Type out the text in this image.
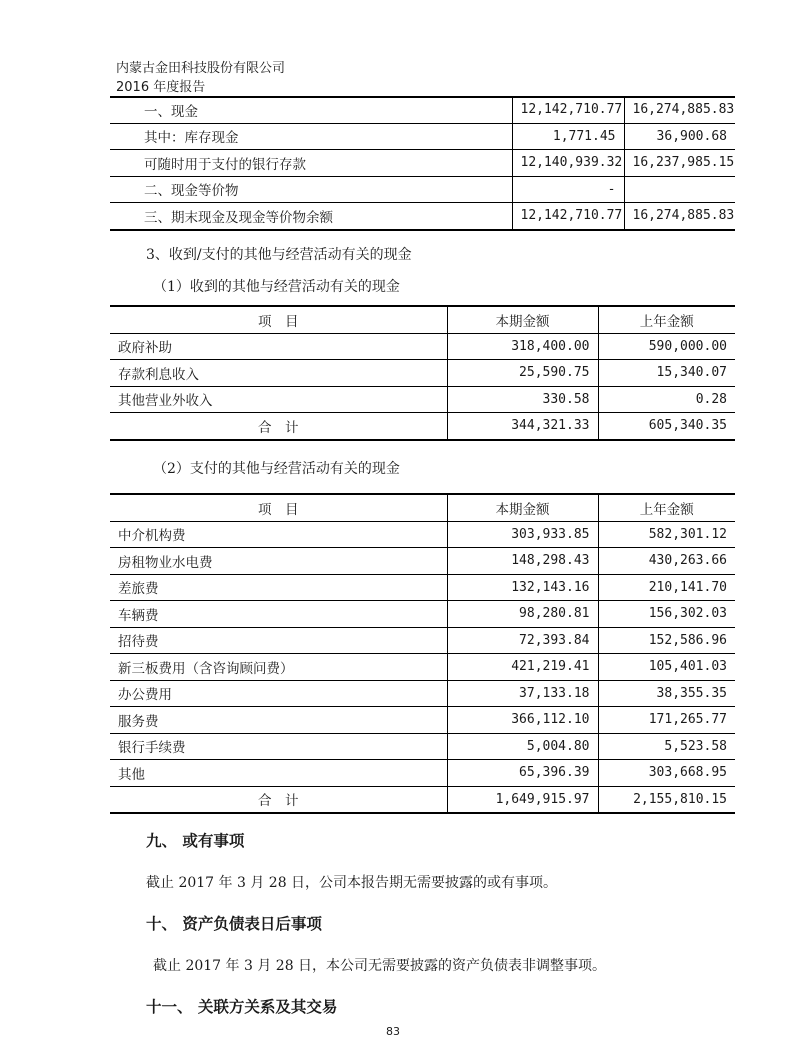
内蒙古金田科技股份有限公司
2016 年度报告
一、现金	12,142,710.77	16,274,885.83
其中：库存现金	1,771.45	36,900.68
可随时用于支付的银行存款	12,140,939.32	16,237,985.15
二、现金等价物	-	
三、期末现金及现金等价物余额	12,142,710.77	16,274,885.83
3、收到/支付的其他与经营活动有关的现金
（1）收到的其他与经营活动有关的现金
项　目	本期金额	上年金额
政府补助	318,400.00	590,000.00
存款利息收入	25,590.75	15,340.07
其他营业外收入	330.58	0.28
合　计	344,321.33	605,340.35
（2）支付的其他与经营活动有关的现金
项　目	本期金额	上年金额
中介机构费	303,933.85	582,301.12
房租物业水电费	148,298.43	430,263.66
差旅费	132,143.16	210,141.70
车辆费	98,280.81	156,302.03
招待费	72,393.84	152,586.96
新三板费用（含咨询顾问费）	421,219.41	105,401.03
办公费用	37,133.18	38,355.35
服务费	366,112.10	171,265.77
银行手续费	5,004.80	5,523.58
其他	65,396.39	303,668.95
合　计	1,649,915.97	2,155,810.15
九、 或有事项
截止 2017 年 3 月 28 日，公司本报告期无需要披露的或有事项。
十、 资产负债表日后事项
截止 2017 年 3 月 28 日，本公司无需要披露的资产负债表非调整事项。
十一、 关联方关系及其交易
83
